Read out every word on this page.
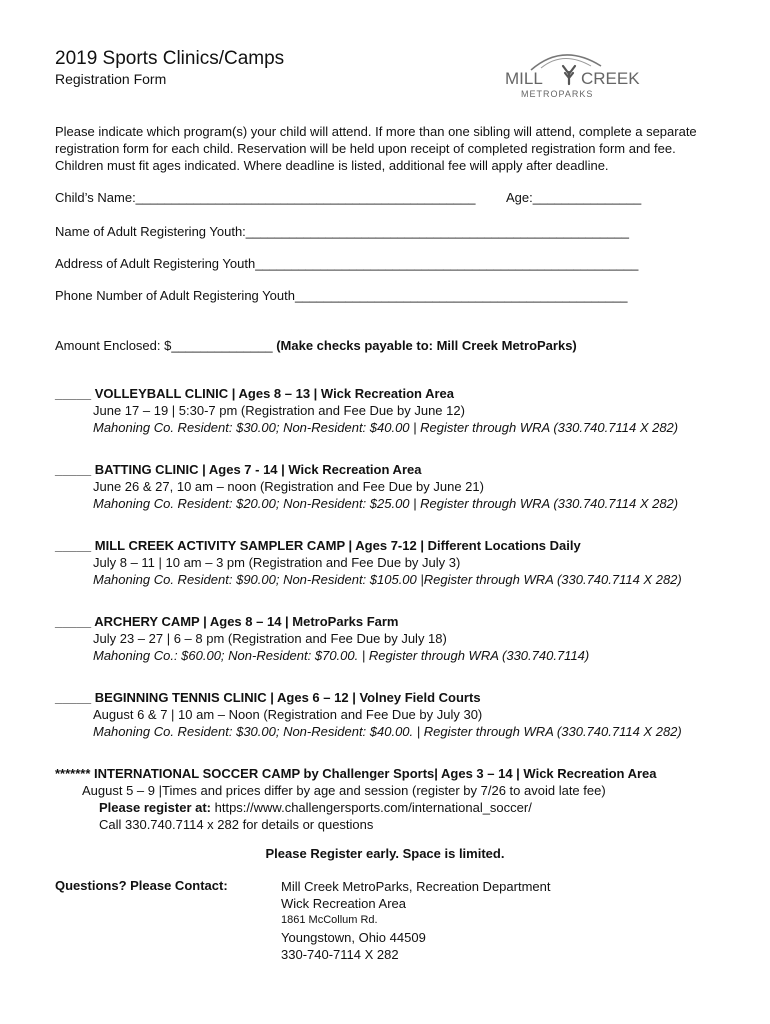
2019 Sports Clinics/Camps
Registration Form	MILL CREEK
METROPARKS
Please indicate which program(s) your child will attend. If more than one sibling will attend, complete a separate registration form for each child. Reservation will be held upon receipt of completed registration form and fee. Children must fit ages indicated. Where deadline is listed, additional fee will apply after deadline.
Child’s Name:_______________________________________________ Age:_______________
Name of Adult Registering Youth:_____________________________________________________
Address of Adult Registering Youth_____________________________________________________
Phone Number of Adult Registering Youth______________________________________________
Amount Enclosed: $______________ (Make checks payable to: Mill Creek MetroParks)
_____ VOLLEYBALL CLINIC | Ages 8 – 13 | Wick Recreation Area
June 17 – 19 | 5:30-7 pm (Registration and Fee Due by June 12)
Mahoning Co. Resident: $30.00; Non-Resident: $40.00 | Register through WRA (330.740.7114 X 282)
_____ BATTING CLINIC | Ages 7 - 14 | Wick Recreation Area
June 26 & 27, 10 am – noon (Registration and Fee Due by June 21)
Mahoning Co. Resident: $20.00; Non-Resident: $25.00 | Register through WRA (330.740.7114 X 282)
_____ MILL CREEK ACTIVITY SAMPLER CAMP | Ages 7-12 | Different Locations Daily
July 8 – 11 | 10 am – 3 pm (Registration and Fee Due by July 3)
Mahoning Co. Resident: $90.00; Non-Resident: $105.00 |Register through WRA (330.740.7114 X 282)
_____ ARCHERY CAMP | Ages 8 – 14 | MetroParks Farm
July 23 – 27 | 6 – 8 pm (Registration and Fee Due by July 18)
Mahoning Co.: $60.00; Non-Resident: $70.00. | Register through WRA (330.740.7114)
_____ BEGINNING TENNIS CLINIC | Ages 6 – 12 | Volney Field Courts
August 6 & 7 | 10 am – Noon (Registration and Fee Due by July 30)
Mahoning Co. Resident: $30.00; Non-Resident: $40.00. | Register through WRA (330.740.7114 X 282)
******* INTERNATIONAL SOCCER CAMP by Challenger Sports| Ages 3 – 14 | Wick Recreation Area
August 5 – 9 |Times and prices differ by age and session (register by 7/26 to avoid late fee)
Please register at: https://www.challengersports.com/international_soccer/
Call 330.740.7114 x 282 for details or questions
Please Register early. Space is limited.
Questions? Please Contact:	Mill Creek MetroParks, Recreation Department
Wick Recreation Area
1861 McCollum Rd.
Youngstown, Ohio 44509
330-740-7114 X 282
